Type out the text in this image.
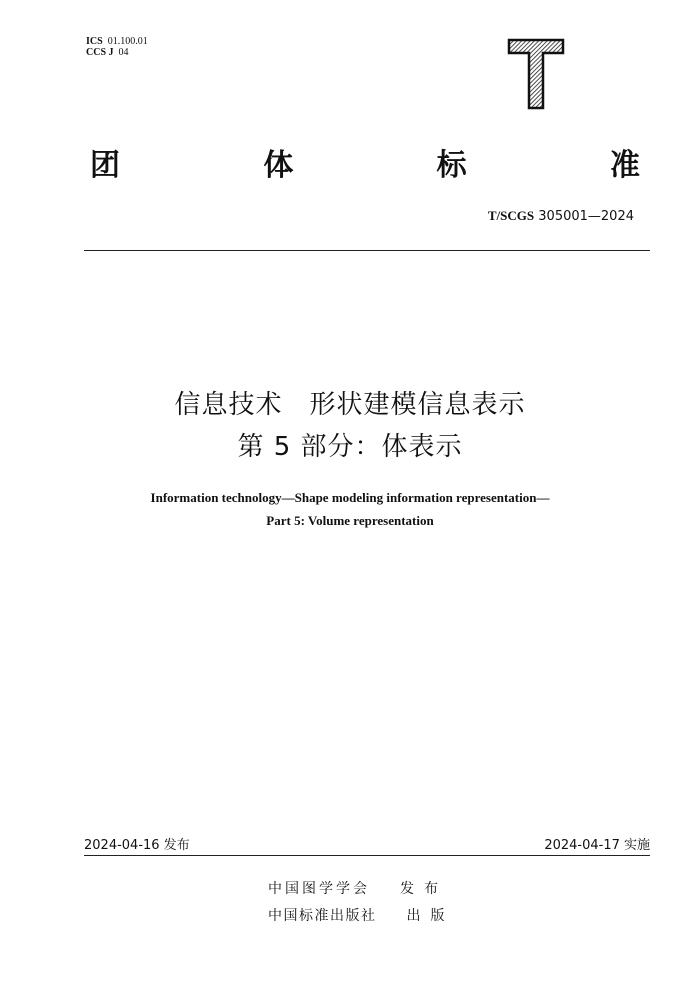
ICS 01.100.01
CCS J 04
T
团	体	标	准
T/SCGS 305001—2024
信息技术　形状建模信息表示
第 5 部分：体表示
Information technology—Shape modeling information representation—
Part 5: Volume representation
2024-04-16 发布	2024-04-17 实施
中国图学学会 发布
中国标准出版社 出版
